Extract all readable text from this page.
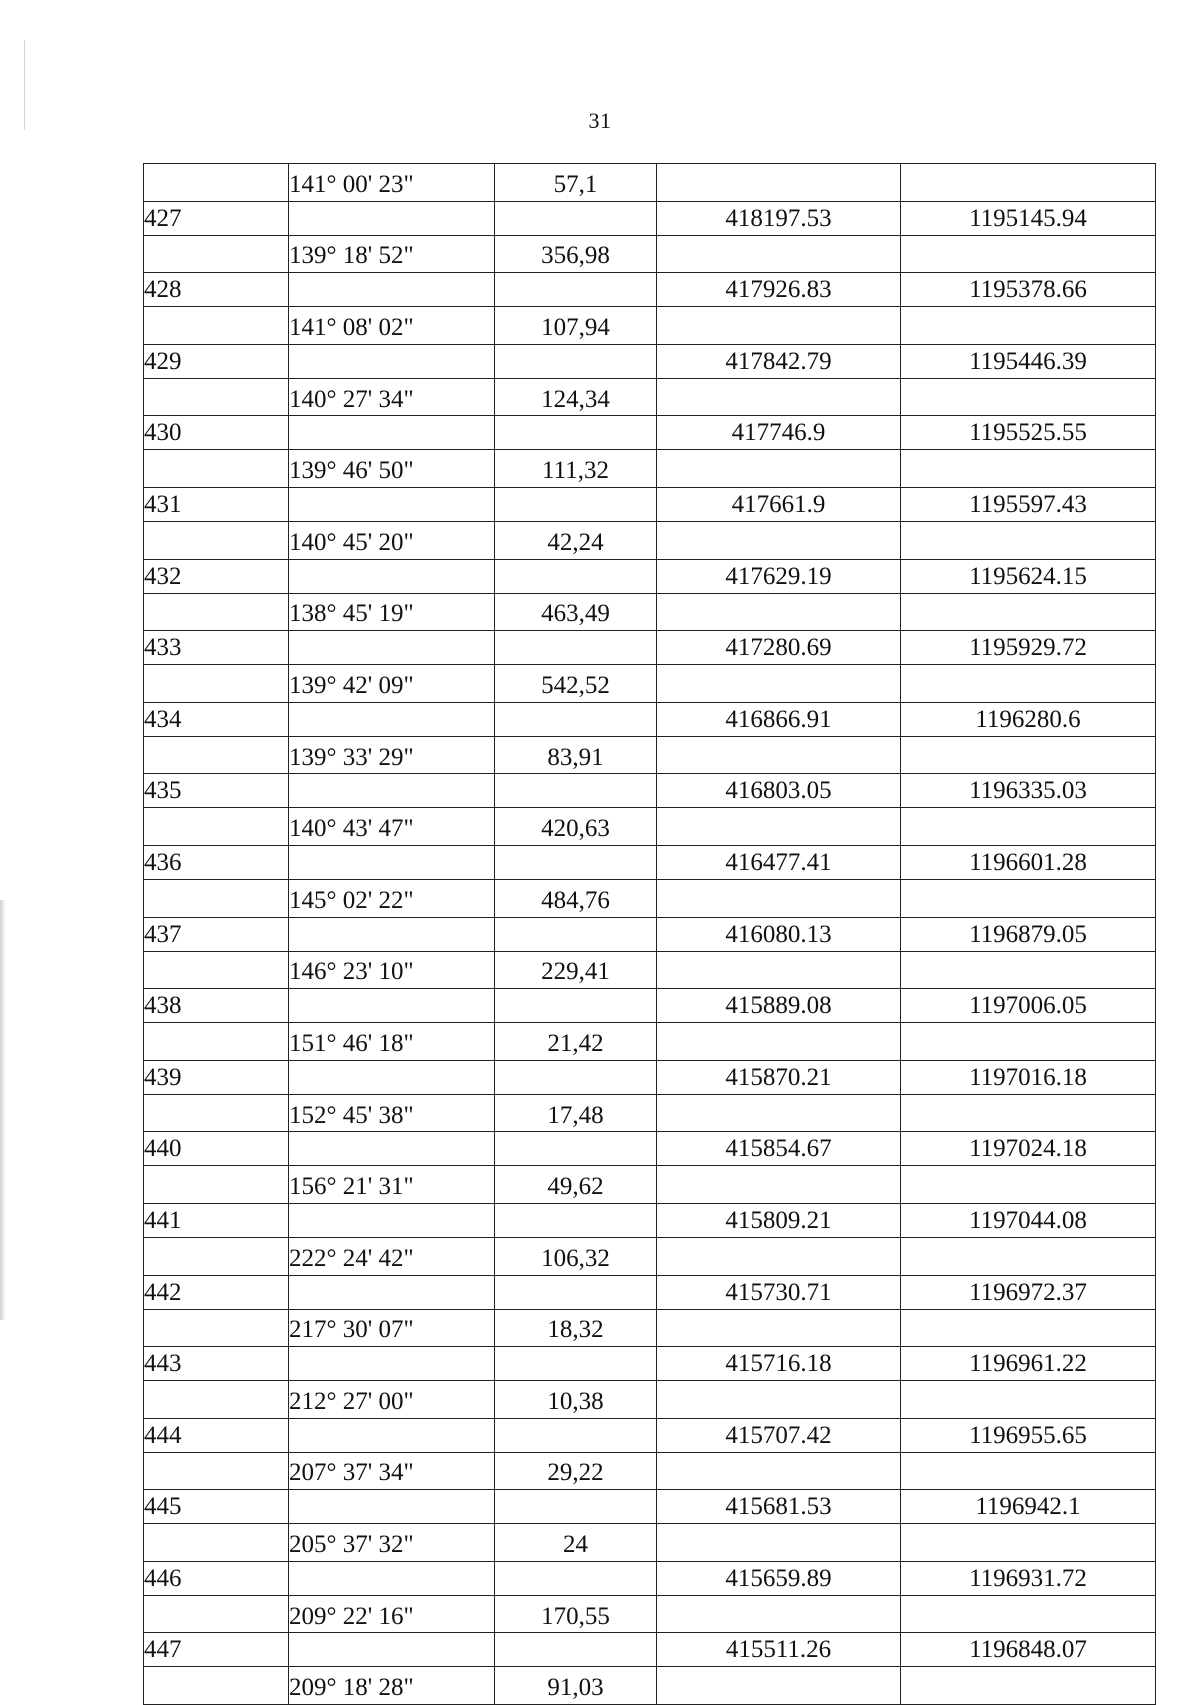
31
	141° 00' 23"	57,1		
427			418197.53	1195145.94
	139° 18' 52"	356,98		
428			417926.83	1195378.66
	141° 08' 02"	107,94		
429			417842.79	1195446.39
	140° 27' 34"	124,34		
430			417746.9	1195525.55
	139° 46' 50"	111,32		
431			417661.9	1195597.43
	140° 45' 20"	42,24		
432			417629.19	1195624.15
	138° 45' 19"	463,49		
433			417280.69	1195929.72
	139° 42' 09"	542,52		
434			416866.91	1196280.6
	139° 33' 29"	83,91		
435			416803.05	1196335.03
	140° 43' 47"	420,63		
436			416477.41	1196601.28
	145° 02' 22"	484,76		
437			416080.13	1196879.05
	146° 23' 10"	229,41		
438			415889.08	1197006.05
	151° 46' 18"	21,42		
439			415870.21	1197016.18
	152° 45' 38"	17,48		
440			415854.67	1197024.18
	156° 21' 31"	49,62		
441			415809.21	1197044.08
	222° 24' 42"	106,32		
442			415730.71	1196972.37
	217° 30' 07"	18,32		
443			415716.18	1196961.22
	212° 27' 00"	10,38		
444			415707.42	1196955.65
	207° 37' 34"	29,22		
445			415681.53	1196942.1
	205° 37' 32"	24		
446			415659.89	1196931.72
	209° 22' 16"	170,55		
447			415511.26	1196848.07
	209° 18' 28"	91,03		
